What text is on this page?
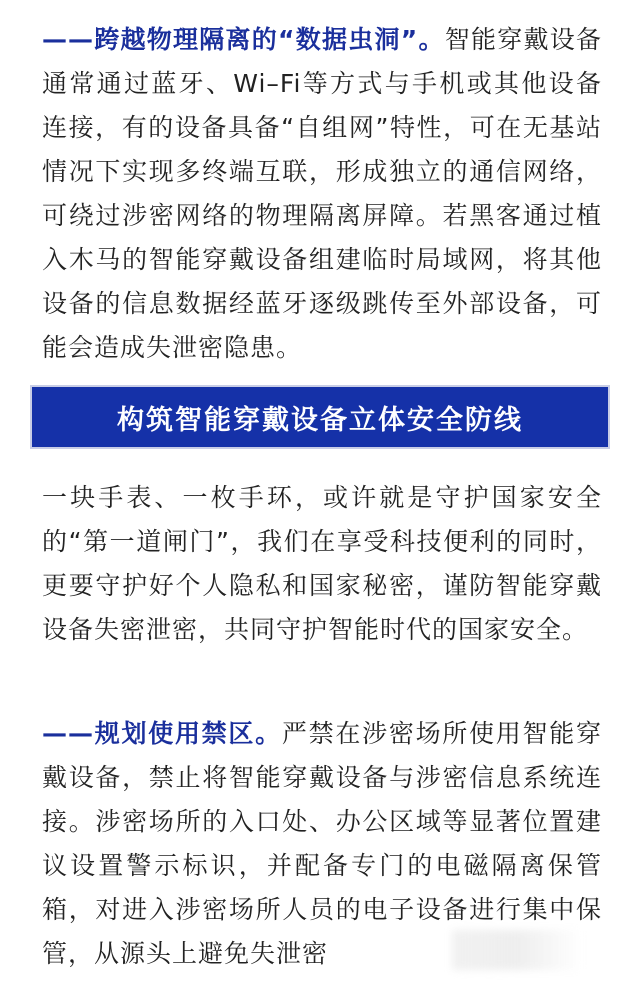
——跨越物理隔离的“数据虫洞”。智能穿戴设备通常通过蓝牙、Wi–Fi等方式与手机或其他设备连接，有的设备具备“自组网”特性，可在无基站情况下实现多终端互联，形成独立的通信网络，可绕过涉密网络的物理隔离屏障。若黑客通过植入木马的智能穿戴设备组建临时局域网，将其他设备的信息数据经蓝牙逐级跳传至外部设备，可能会造成失泄密隐患。

构筑智能穿戴设备立体安全防线

一块手表、一枚手环，或许就是守护国家安全的“第一道闸门”，我们在享受科技便利的同时，更要守护好个人隐私和国家秘密，谨防智能穿戴设备失密泄密，共同守护智能时代的国家安全。

——规划使用禁区。严禁在涉密场所使用智能穿戴设备，禁止将智能穿戴设备与涉密信息系统连接。涉密场所的入口处、办公区域等显著位置建议设置警示标识，并配备专门的电磁隔离保管箱，对进入涉密场所人员的电子设备进行集中保管，从源头上避免失泄密
